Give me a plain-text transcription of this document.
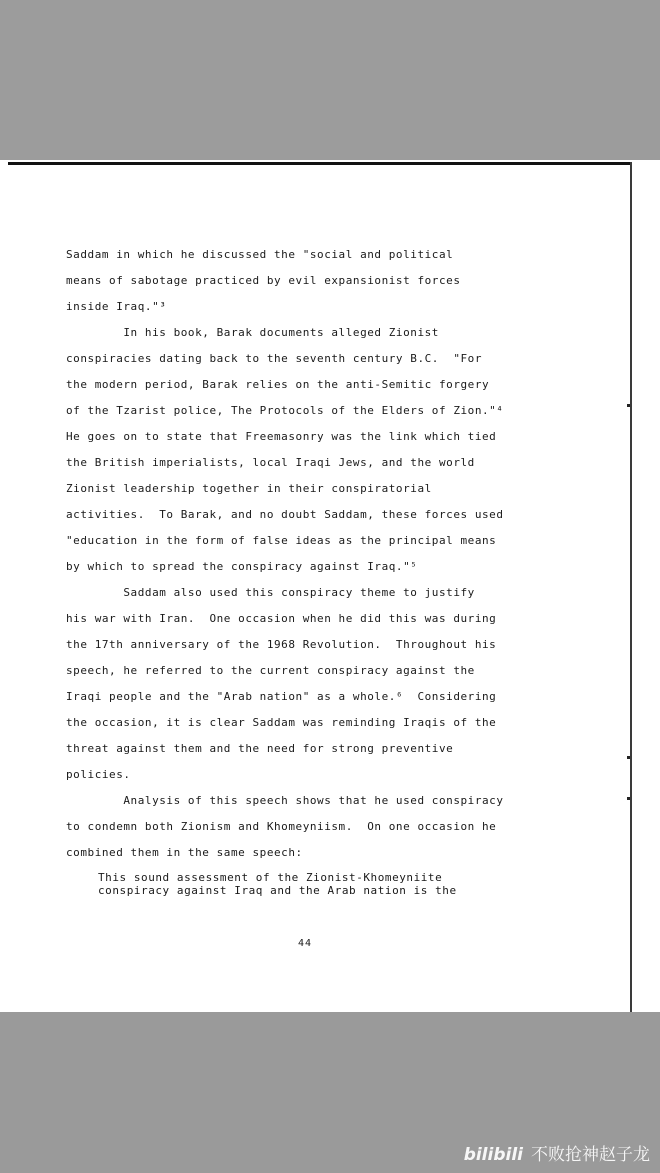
Saddam in which he discussed the "social and political
means of sabotage practiced by evil expansionist forces
inside Iraq."³
In his book, Barak documents alleged Zionist
conspiracies dating back to the seventh century B.C.  "For
the modern period, Barak relies on the anti-Semitic forgery
of the Tzarist police, The Protocols of the Elders of Zion."⁴
He goes on to state that Freemasonry was the link which tied
the British imperialists, local Iraqi Jews, and the world
Zionist leadership together in their conspiratorial
activities.  To Barak, and no doubt Saddam, these forces used
"education in the form of false ideas as the principal means
by which to spread the conspiracy against Iraq."⁵
Saddam also used this conspiracy theme to justify
his war with Iran.  One occasion when he did this was during
the 17th anniversary of the 1968 Revolution.  Throughout his
speech, he referred to the current conspiracy against the
Iraqi people and the "Arab nation" as a whole.⁶  Considering
the occasion, it is clear Saddam was reminding Iraqis of the
threat against them and the need for strong preventive
policies.
Analysis of this speech shows that he used conspiracy
to condemn both Zionism and Khomeyniism.  On one occasion he
combined them in the same speech:
This sound assessment of the Zionist-Khomeyniite
conspiracy against Iraq and the Arab nation is the
44
bilibili 不败抢神赵子龙
